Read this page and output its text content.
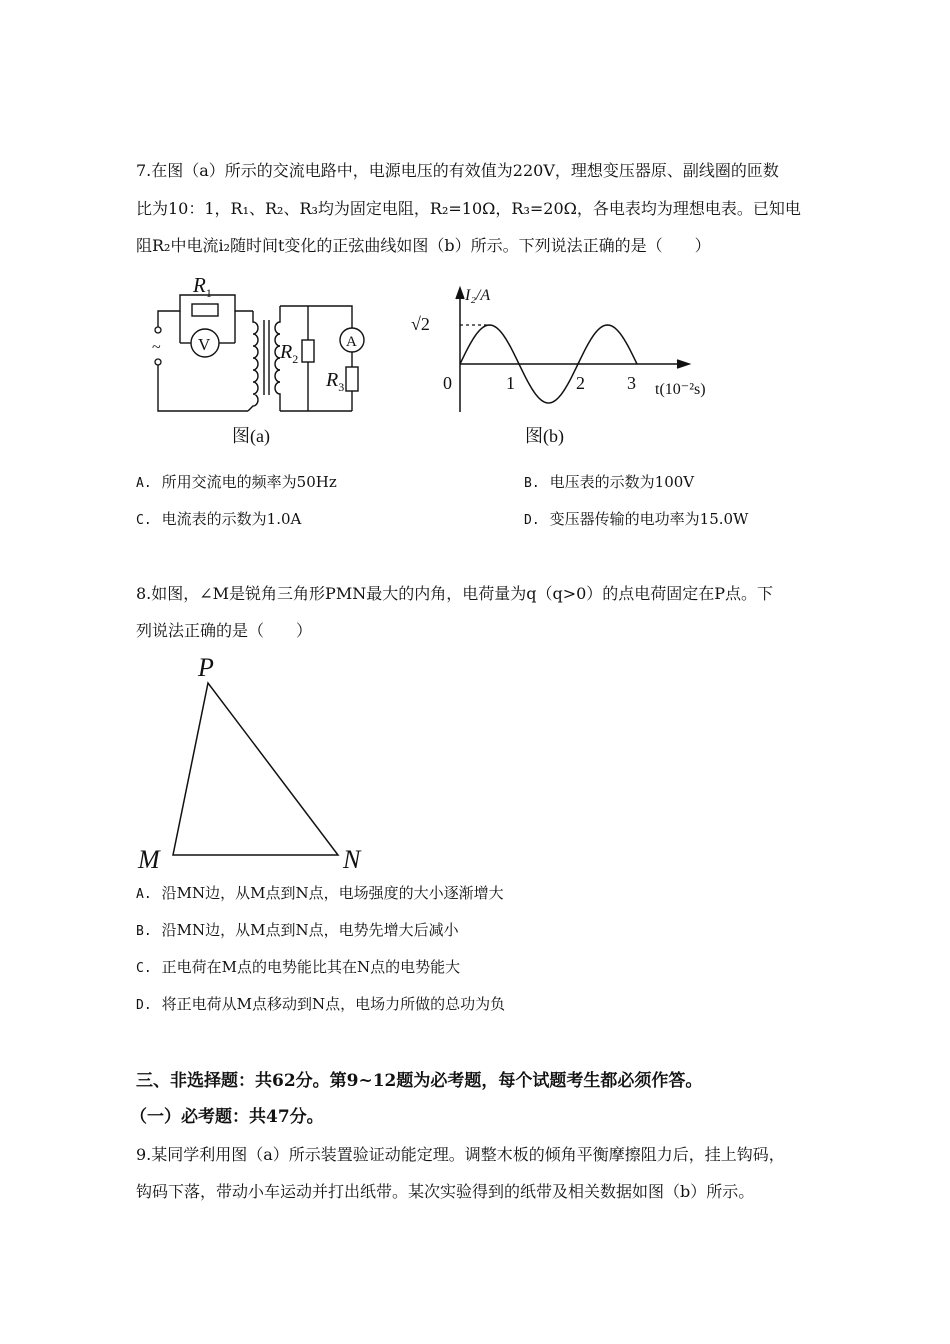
7.在图（a）所示的交流电路中，电源电压的有效值为220V，理想变压器原、副线圈的匝数
比为10：1，R₁、R₂、R₃均为固定电阻，R₂=10Ω，R₃=20Ω，各电表均为理想电表。已知电
阻R₂中电流i₂随时间t变化的正弦曲线如图（b）所示。下列说法正确的是（　　）
~
$R_1$
V	$R_2$
A
$R_3$
图(a)
I₂/A
√2
0	1	2 3 t(10⁻²s)
图(b)
A. 所用交流电的频率为50Hz	B. 电压表的示数为100V
C. 电流表的示数为1.0A	D. 变压器传输的电功率为15.0W
8.如图，∠M是锐角三角形PMN最大的内角，电荷量为q（q>0）的点电荷固定在P点。下
列说法正确的是（　　）
P
M	N
A. 沿MN边，从M点到N点，电场强度的大小逐渐增大
B. 沿MN边，从M点到N点，电势先增大后减小
C. 正电荷在M点的电势能比其在N点的电势能大
D. 将正电荷从M点移动到N点，电场力所做的总功为负
三、非选择题：共62分。第9~12题为必考题，每个试题考生都必须作答。
（一）必考题：共47分。
9.某同学利用图（a）所示装置验证动能定理。调整木板的倾角平衡摩擦阻力后，挂上钩码，
钩码下落，带动小车运动并打出纸带。某次实验得到的纸带及相关数据如图（b）所示。
